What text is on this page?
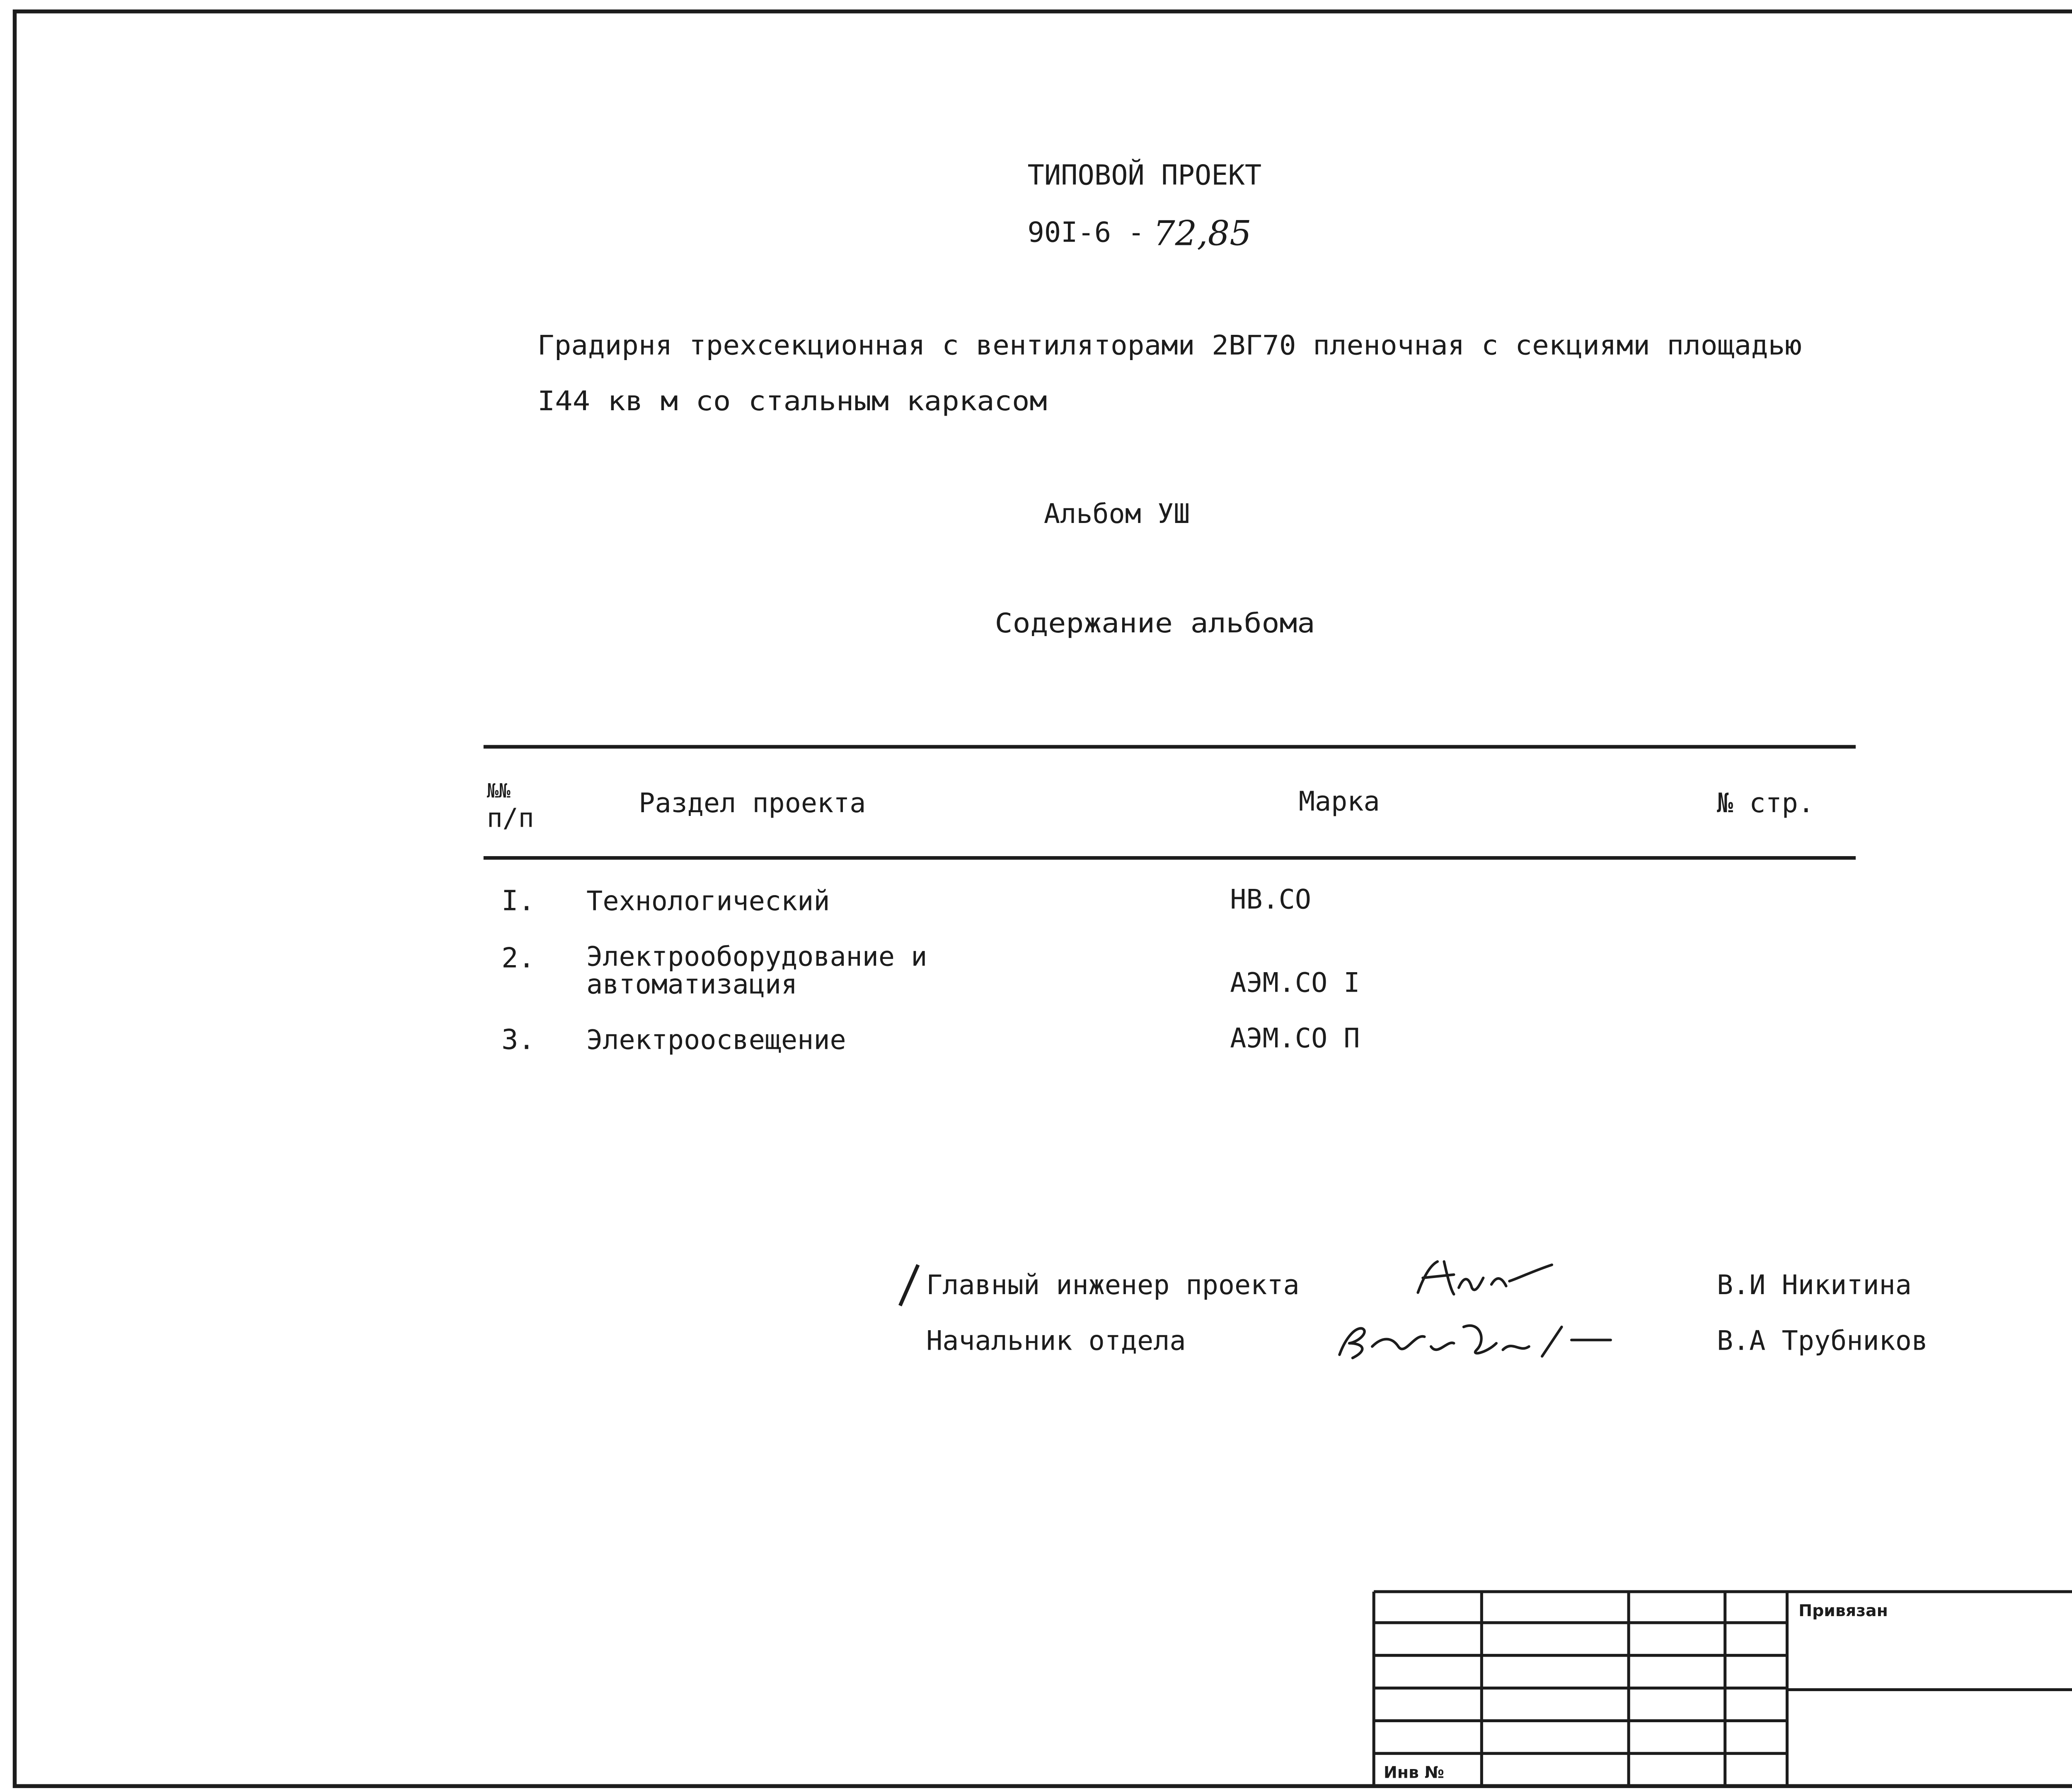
ТИПОВОЙ ПРОЕКТ
90I-6 - 72,85
Градирня трехсекционная с вентиляторами 2ВГ70 пленочная с секциями площадью
I44 кв м со стальным каркасом
Альбом УШ
Содержание альбома
№№
п/п	Раздел проекта	Марка	№ стр.
I.	Технологический	НВ.СО
2.	Электрооборудование и
автоматизация	АЭМ.СО I
3.	Электроосвещение	АЭМ.СО П
Главный инженер проекта	Ник	В.И Никитина
Начальник отдела	В.Трубников	В.А Трубников
Привязан
Инв №
